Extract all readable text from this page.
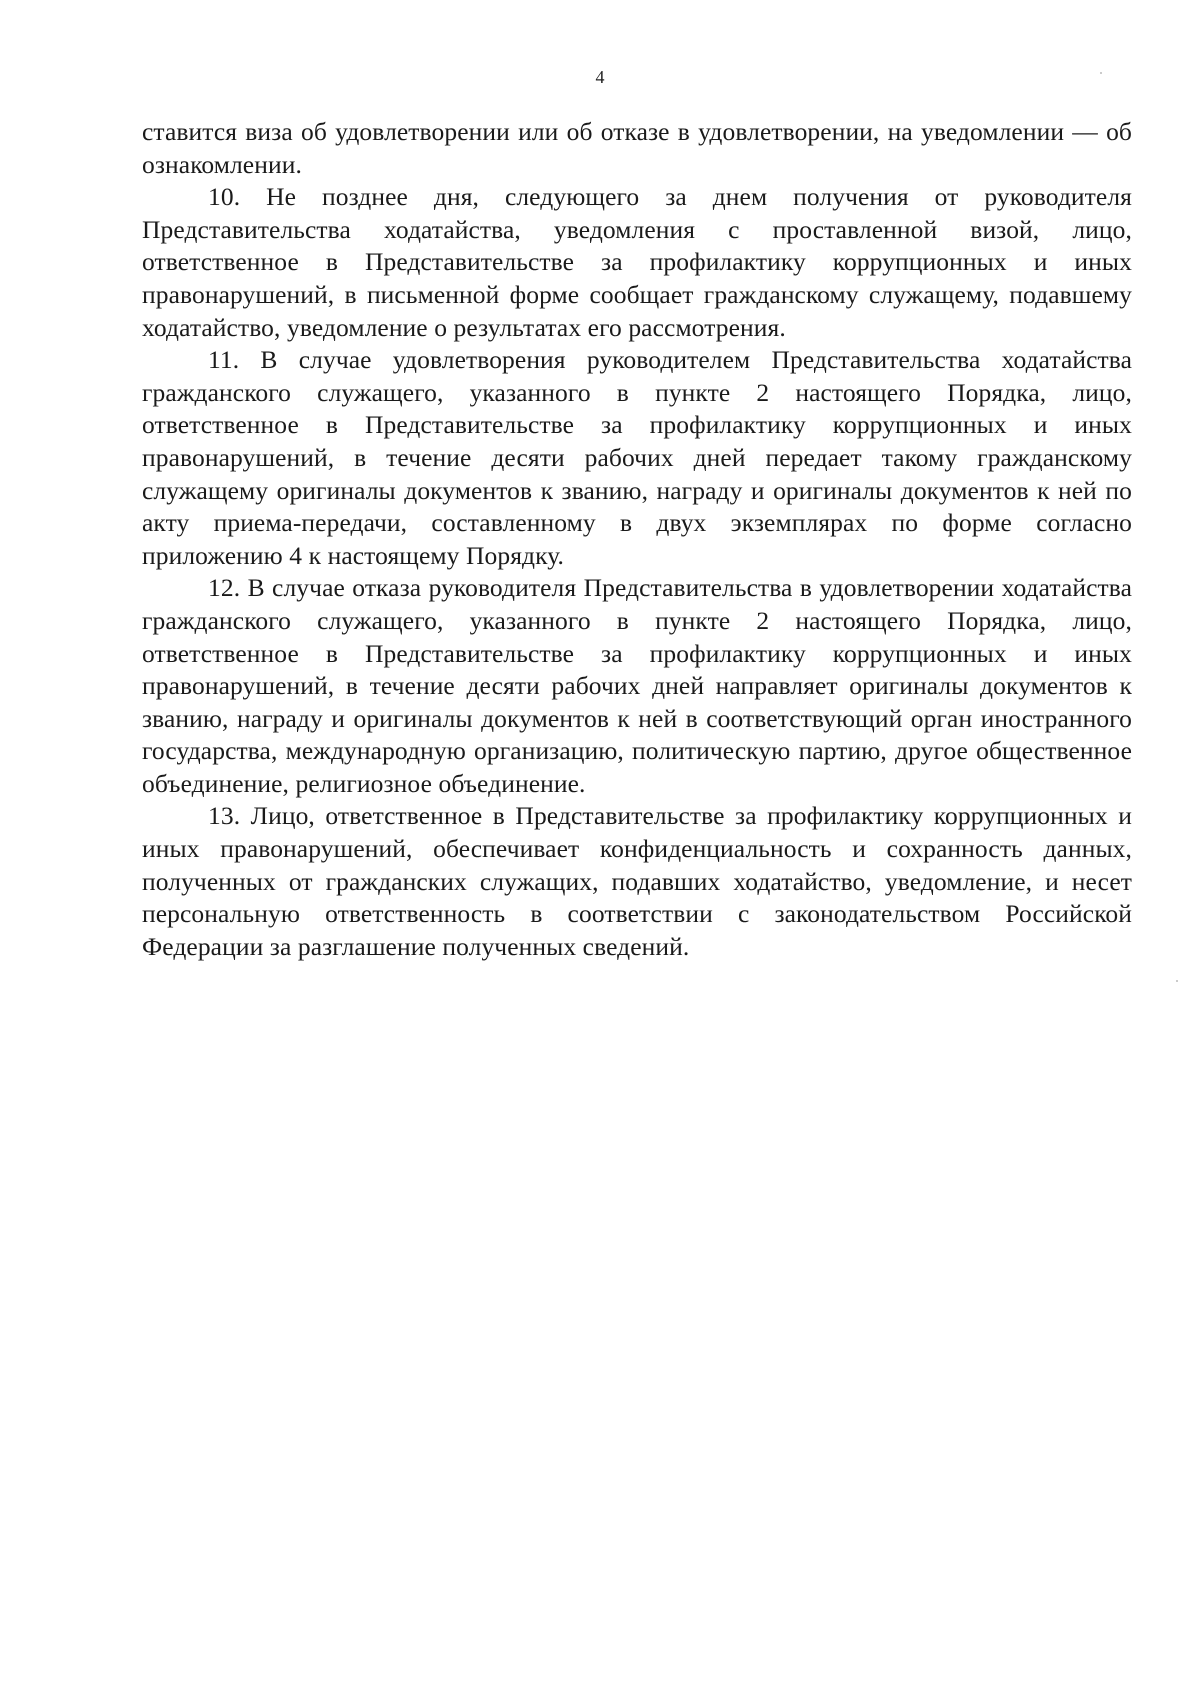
4

ставится виза об удовлетворении или об отказе в удовлетворении, на уведомлении — об ознакомлении.

10. Не позднее дня, следующего за днем получения от руководителя Представительства ходатайства, уведомления с проставленной визой, лицо, ответственное в Представительстве за профилактику коррупционных и иных правонарушений, в письменной форме сообщает гражданскому служащему, подавшему ходатайство, уведомление о результатах его рассмотрения.

11. В случае удовлетворения руководителем Представительства ходатайства гражданского служащего, указанного в пункте 2 настоящего Порядка, лицо, ответственное в Представительстве за профилактику коррупционных и иных правонарушений, в течение десяти рабочих дней передает такому гражданскому служащему оригиналы документов к званию, награду и оригиналы документов к ней по акту приема-передачи, составленному в двух экземплярах по форме согласно приложению 4 к настоящему Порядку.

12. В случае отказа руководителя Представительства в удовлетворении ходатайства гражданского служащего, указанного в пункте 2 настоящего Порядка, лицо, ответственное в Представительстве за профилактику коррупционных и иных правонарушений, в течение десяти рабочих дней направляет оригиналы документов к званию, награду и оригиналы документов к ней в соответствующий орган иностранного государства, международную организацию, политическую партию, другое общественное объединение, религиозное объединение.

13. Лицо, ответственное в Представительстве за профилактику коррупционных и иных правонарушений, обеспечивает конфиденциальность и сохранность данных, полученных от гражданских служащих, подавших ходатайство, уведомление, и несет персональную ответственность в соответствии с законодательством Российской Федерации за разглашение полученных сведений.
